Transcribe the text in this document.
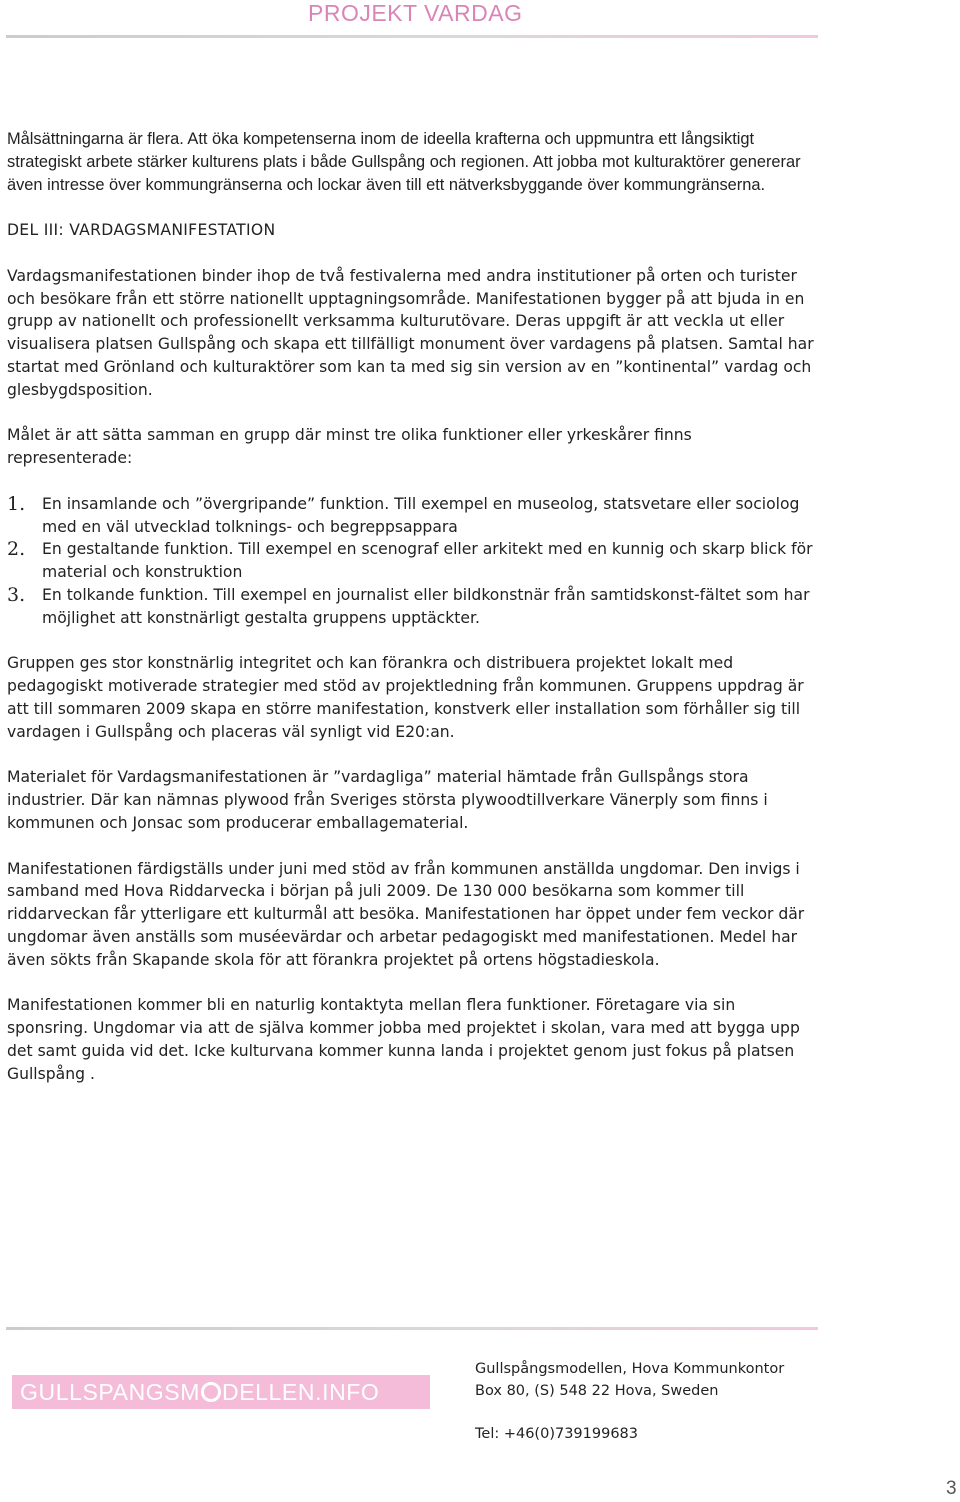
PROJEKT VARDAG

Målsättningarna är flera. Att öka kompetenserna inom de ideella krafterna och uppmuntra ett långsiktigt strategiskt arbete stärker kulturens plats i både Gullspång och regionen. Att jobba mot kulturaktörer genererar även intresse över kommungränserna och lockar även till ett nätverksbyggande över kommungränserna.

DEL III: VARDAGSMANIFESTATION

Vardagsmanifestationen binder ihop de två festivalerna med andra institutioner på orten och turister och besökare från ett större nationellt upptagningsområde. Manifestationen bygger på att bjuda in en grupp av nationellt och professionellt verksamma kulturutövare. Deras uppgift är att veckla ut eller visualisera platsen Gullspång och skapa ett tillfälligt monument över vardagens på platsen. Samtal har startat med Grönland och kulturaktörer som kan ta med sig sin version av en ”kontinental” vardag och glesbygdsposition.

Målet är att sätta samman en grupp där minst tre olika funktioner eller yrkeskårer finns representerade:

1. En insamlande och ”övergripande” funktion. Till exempel en museolog, statsvetare eller sociolog med en väl utvecklad tolknings- och begreppsappara
2. En gestaltande funktion. Till exempel en scenograf eller arkitekt med en kunnig och skarp blick för material och konstruktion
3. En tolkande funktion. Till exempel en journalist eller bildkonstnär från samtidskonst-fältet som har möjlighet att konstnärligt gestalta gruppens upptäckter.

Gruppen ges stor konstnärlig integritet och kan förankra och distribuera projektet lokalt med pedagogiskt motiverade strategier med stöd av projektledning från kommunen. Gruppens uppdrag är att till sommaren 2009 skapa en större manifestation, konstverk eller installation som förhåller sig till vardagen i Gullspång och placeras väl synligt vid E20:an.

Materialet för Vardagsmanifestationen är ”vardagliga” material hämtade från Gullspångs stora industrier. Där kan nämnas plywood från Sveriges största plywoodtillverkare Vänerply som finns i kommunen och Jonsac som producerar emballagematerial.

Manifestationen färdigställs under juni med stöd av från kommunen anställda ungdomar. Den invigs i samband med Hova Riddarvecka i början på juli 2009. De 130 000 besökarna som kommer till riddarveckan får ytterligare ett kulturmål att besöka. Manifestationen har öppet under fem veckor där ungdomar även anställs som muséevärdar och arbetar pedagogiskt med manifestationen. Medel har även sökts från Skapande skola för att förankra projektet på ortens högstadieskola.

Manifestationen kommer bli en naturlig kontaktyta mellan flera funktioner. Företagare via sin sponsring. Ungdomar via att de själva kommer jobba med projektet i skolan, vara med att bygga upp det samt guida vid det. Icke kulturvana kommer kunna landa i projektet genom just fokus på platsen Gullspång .

GULLSPANGSM DELLEN.INFO
Gullspångsmodellen, Hova Kommunkontor
Box 80, (S) 548 22 Hova, Sweden
Tel: +46(0)739199683
3
